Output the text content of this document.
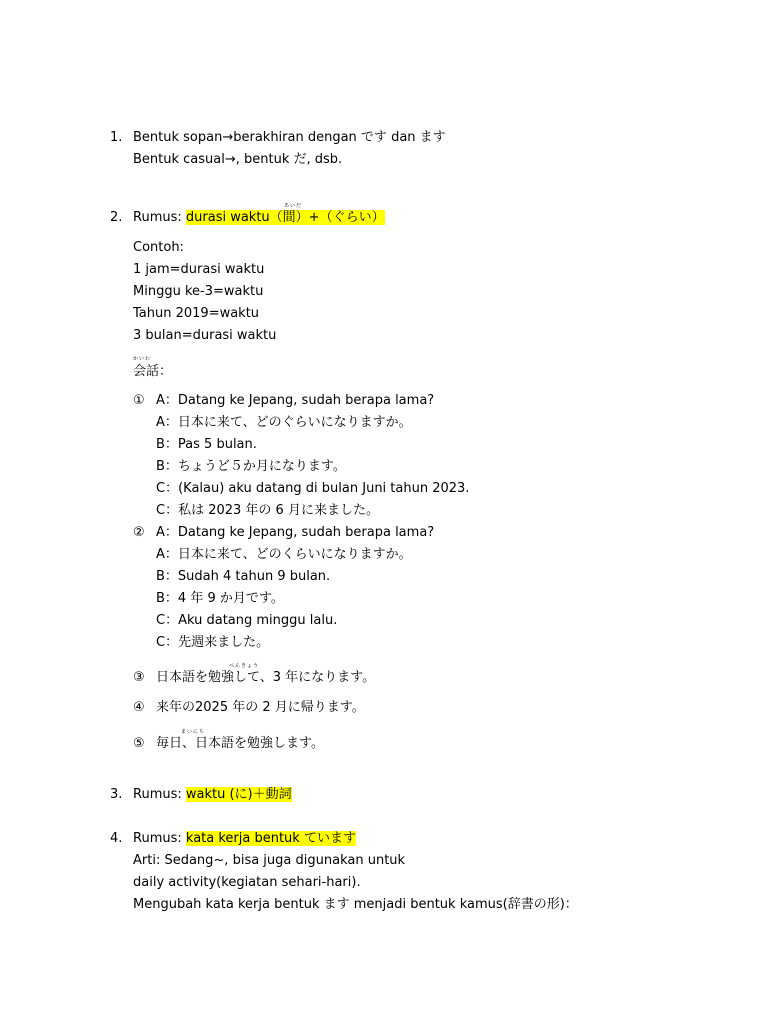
1. Bentuk sopan→berakhiran dengan です dan ます
Bentuk casual→, bentuk だ, dsb.
2.
あいだ
Rumus: durasi waktu（間）+（ぐらい）
Contoh:
1 jam=durasi waktu
Minggu ke-3=waktu
Tahun 2019=waktu
3 bulan=durasi waktu
かいわ
会話：
① A：Datang ke Jepang, sudah berapa lama?
A：日本に来て、どのぐらいになりますか。
B：Pas 5 bulan.
B：ちょうど５か月になります。
C：(Kalau) aku datang di bulan Juni tahun 2023.
C：私は 2023 年の 6 月に来ました。
② A：Datang ke Jepang, sudah berapa lama?
A：日本に来て、どのくらいになりますか。
B：Sudah 4 tahun 9 bulan.
B：4 年 9 か月です。
C：Aku datang minggu lalu.
C：先週来ました。
べんきょう
③ 日本語を勉強して、3 年になります。
④ 来年の2025 年の 2 月に帰ります。
まいにち
⑤ 毎日、日本語を勉強します。
3. Rumus: waktu (に)＋動詞
4. Rumus: kata kerja bentuk ています
Arti: Sedang~, bisa juga digunakan untuk
daily activity(kegiatan sehari-hari).
Mengubah kata kerja bentuk ます menjadi bentuk kamus(辞書の形)：
